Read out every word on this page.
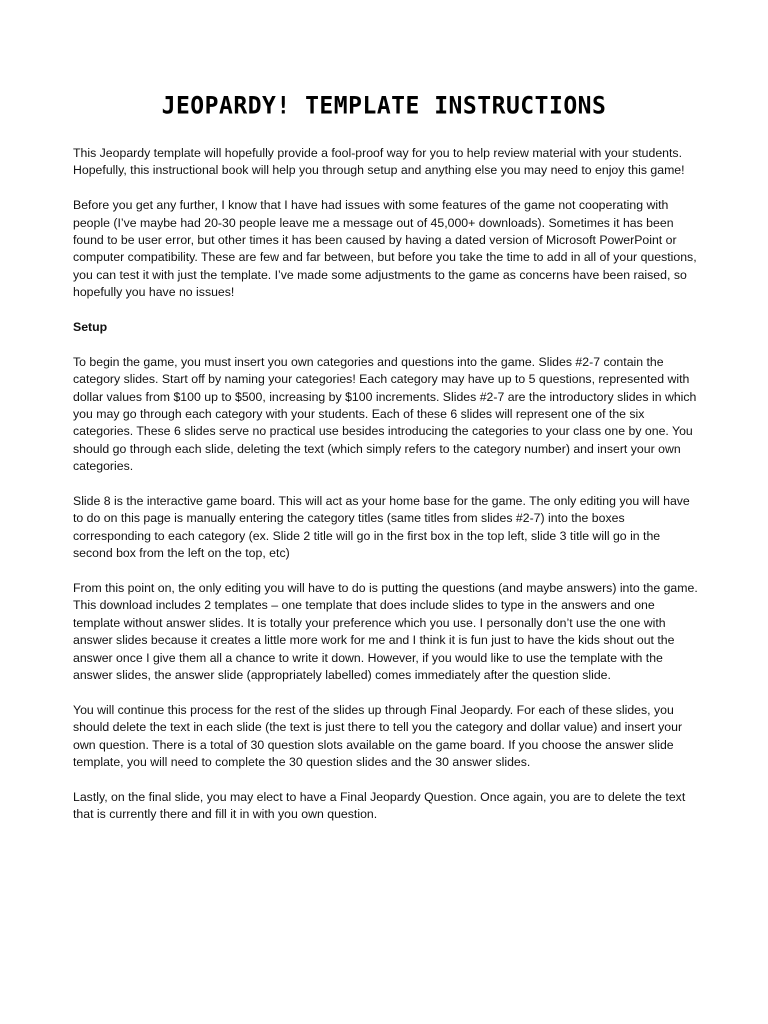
JEOPARDY! TEMPLATE INSTRUCTIONS

This Jeopardy template will hopefully provide a fool-proof way for you to help review material with your students. Hopefully, this instructional book will help you through setup and anything else you may need to enjoy this game!

Before you get any further, I know that I have had issues with some features of the game not cooperating with people (I’ve maybe had 20-30 people leave me a message out of 45,000+ downloads). Sometimes it has been found to be user error, but other times it has been caused by having a dated version of Microsoft PowerPoint or computer compatibility. These are few and far between, but before you take the time to add in all of your questions, you can test it with just the template. I’ve made some adjustments to the game as concerns have been raised, so hopefully you have no issues!

Setup

To begin the game, you must insert you own categories and questions into the game. Slides #2-7 contain the category slides. Start off by naming your categories! Each category may have up to 5 questions, represented with dollar values from $100 up to $500, increasing by $100 increments. Slides #2-7 are the introductory slides in which you may go through each category with your students. Each of these 6 slides will represent one of the six categories. These 6 slides serve no practical use besides introducing the categories to your class one by one. You should go through each slide, deleting the text (which simply refers to the category number) and insert your own categories.

Slide 8 is the interactive game board. This will act as your home base for the game. The only editing you will have to do on this page is manually entering the category titles (same titles from slides #2-7) into the boxes corresponding to each category (ex. Slide 2 title will go in the first box in the top left, slide 3 title will go in the second box from the left on the top, etc)

From this point on, the only editing you will have to do is putting the questions (and maybe answers) into the game. This download includes 2 templates – one template that does include slides to type in the answers and one template without answer slides. It is totally your preference which you use. I personally don’t use the one with answer slides because it creates a little more work for me and I think it is fun just to have the kids shout out the answer once I give them all a chance to write it down. However, if you would like to use the template with the answer slides, the answer slide (appropriately labelled) comes immediately after the question slide.

You will continue this process for the rest of the slides up through Final Jeopardy. For each of these slides, you should delete the text in each slide (the text is just there to tell you the category and dollar value) and insert your own question. There is a total of 30 question slots available on the game board. If you choose the answer slide template, you will need to complete the 30 question slides and the 30 answer slides.

Lastly, on the final slide, you may elect to have a Final Jeopardy Question. Once again, you are to delete the text that is currently there and fill it in with you own question.
